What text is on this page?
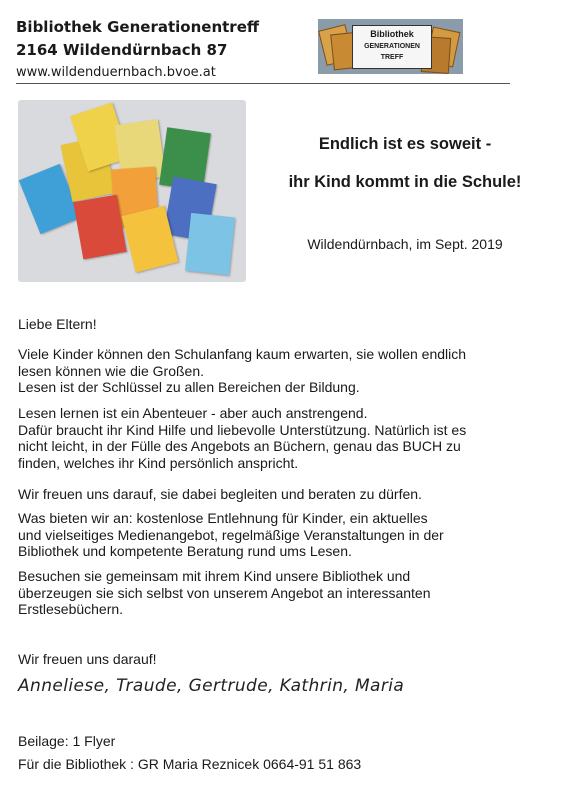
Bibliothek Generationentreff

2164 Wildendürnbach 87

www.wildenduernbach.bvoe.at

Bibliothek
GENERATIONEN
TREFF

Endlich ist es soweit -

ihr Kind kommt in die Schule!

Wildendürnbach, im Sept. 2019

Liebe Eltern!

Viele Kinder können den Schulanfang kaum erwarten, sie wollen endlich
lesen können wie die Großen.
Lesen ist der Schlüssel zu allen Bereichen der Bildung.
Lesen lernen ist ein Abenteuer - aber auch anstrengend.
Dafür braucht ihr Kind Hilfe und liebevolle Unterstützung. Natürlich ist es
nicht leicht, in der Fülle des Angebots an Büchern, genau das BUCH zu
finden, welches ihr Kind persönlich anspricht.

Wir freuen uns darauf, sie dabei begleiten und beraten zu dürfen.

Was bieten wir an: kostenlose Entlehnung für Kinder, ein aktuelles
und vielseitiges Medienangebot, regelmäßige Veranstaltungen in der
Bibliothek und kompetente Beratung rund ums Lesen.
Besuchen sie gemeinsam mit ihrem Kind unsere Bibliothek und
überzeugen sie sich selbst von unserem Angebot an interessanten
Erstlesebüchern.

Wir freuen uns darauf!

Anneliese, Traude, Gertrude, Kathrin, Maria

Beilage: 1 Flyer

Für die Bibliothek : GR Maria Reznicek 0664-91 51 863
